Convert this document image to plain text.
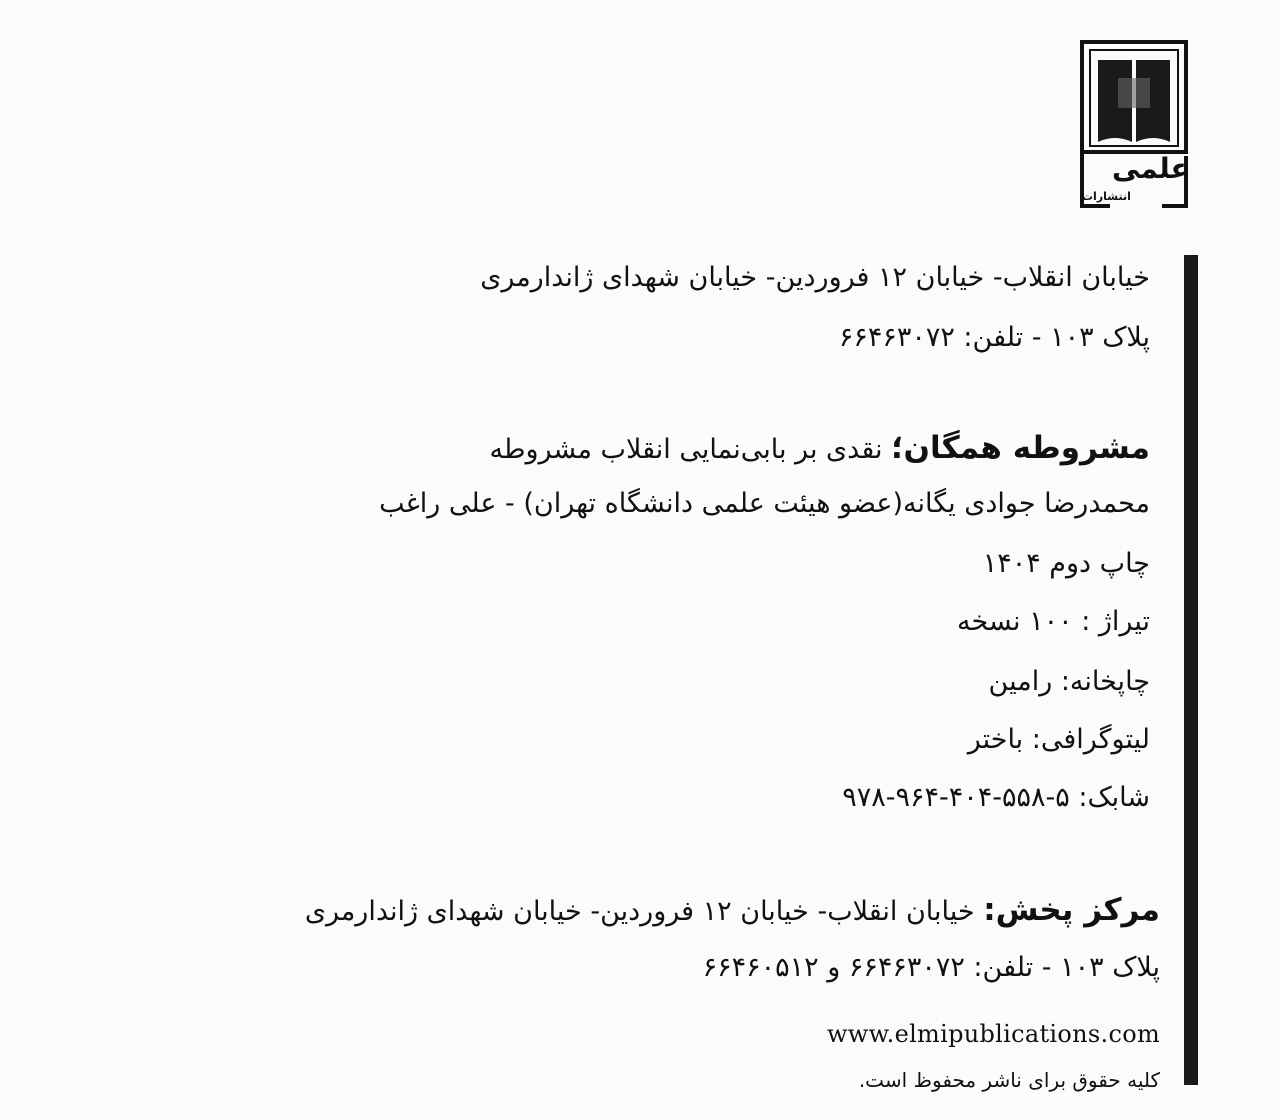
علمی
انتشارات
خیابان انقلاب- خیابان ۱۲ فروردین- خیابان شهدای ژاندارمری
پلاک ۱۰۳ - تلفن: ۶۶۴۶۳۰۷۲
مشروطه همگان؛ نقدی بر بابی‌نمایی انقلاب مشروطه
محمدرضا جوادی یگانه(عضو هیئت علمی دانشگاه تهران) - علی راغب
چاپ دوم ۱۴۰۴
تیراژ : ۱۰۰ نسخه
چاپخانه: رامین
لیتوگرافی: باختر
شابک: ۵-۵۵۸-۴۰۴-۹۶۴-۹۷۸
مرکز پخش: خیابان انقلاب- خیابان ۱۲ فروردین- خیابان شهدای ژاندارمری
پلاک ۱۰۳ - تلفن: ۶۶۴۶۳۰۷۲ و ۶۶۴۶۰۵۱۲
www.elmipublications.com
کلیه حقوق برای ناشر محفوظ است.
